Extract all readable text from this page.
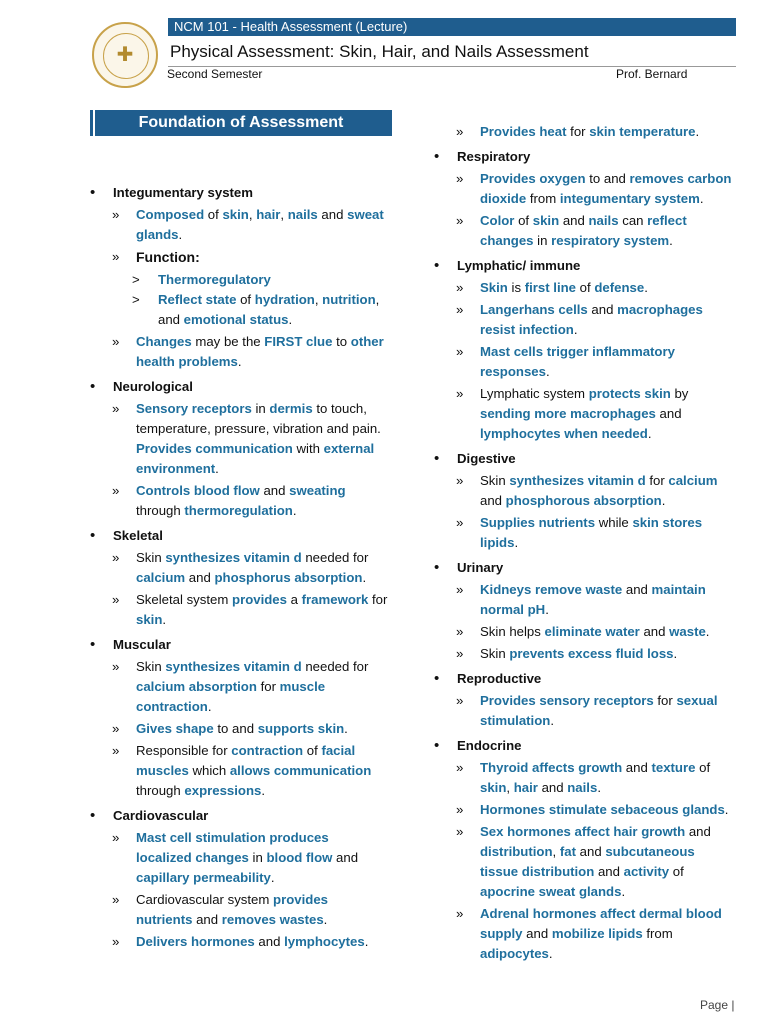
✚
NCM 101 - Health Assessment (Lecture)
Physical Assessment: Skin, Hair, and Nails Assessment
Second Semester	Prof. Bernard
Foundation of Assessment
• Integumentary system
» Composed of skin, hair, nails and sweat glands.
» Function:
> Thermoregulatory
> Reflect state of hydration, nutrition, and emotional status.
» Changes may be the FIRST clue to other health problems.
• Neurological
» Sensory receptors in dermis to touch, temperature, pressure, vibration and pain. Provides communication with external environment.
» Controls blood flow and sweating through thermoregulation.
• Skeletal
» Skin synthesizes vitamin d needed for calcium and phosphorus absorption.
» Skeletal system provides a framework for skin.
• Muscular
» Skin synthesizes vitamin d needed for calcium absorption for muscle contraction.
» Gives shape to and supports skin.
» Responsible for contraction of facial muscles which allows communication through expressions.
• Cardiovascular
» Mast cell stimulation produces localized changes in blood flow and capillary permeability.
» Cardiovascular system provides nutrients and removes wastes.
» Delivers hormones and lymphocytes.
» Provides heat for skin temperature.
• Respiratory
» Provides oxygen to and removes carbon dioxide from integumentary system.
» Color of skin and nails can reflect changes in respiratory system.
• Lymphatic/ immune
» Skin is first line of defense.
» Langerhans cells and macrophages resist infection.
» Mast cells trigger inflammatory responses.
» Lymphatic system protects skin by sending more macrophages and lymphocytes when needed.
• Digestive
» Skin synthesizes vitamin d for calcium and phosphorous absorption.
» Supplies nutrients while skin stores lipids.
• Urinary
» Kidneys remove waste and maintain normal pH.
» Skin helps eliminate water and waste.
» Skin prevents excess fluid loss.
• Reproductive
» Provides sensory receptors for sexual stimulation.
• Endocrine
» Thyroid affects growth and texture of skin, hair and nails.
» Hormones stimulate sebaceous glands.
» Sex hormones affect hair growth and distribution, fat and subcutaneous tissue distribution and activity of apocrine sweat glands.
» Adrenal hormones affect dermal blood supply and mobilize lipids from adipocytes.
Page |
